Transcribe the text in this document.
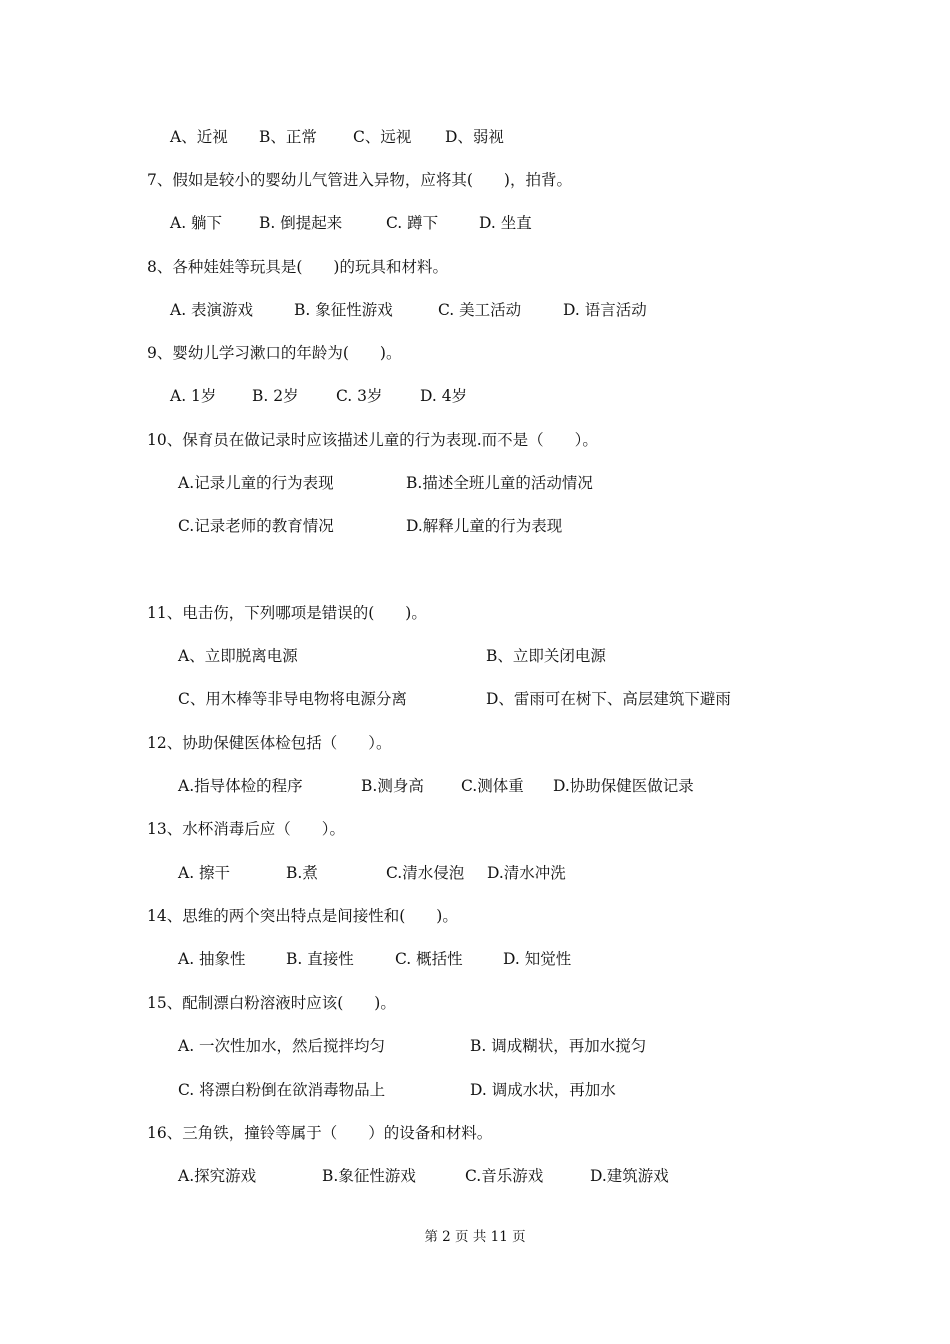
A、近视 B、正常 C、远视 D、弱视
7、假如是较小的婴幼儿气管进入异物，应将其(　　)，拍背。
A. 躺下 B. 倒提起来	C. 蹲下	D. 坐直
8、各种娃娃等玩具是(　　)的玩具和材料。
A. 表演游戏	B. 象征性游戏	C. 美工活动	D. 语言活动
9、婴幼儿学习漱口的年龄为(　　)。
A. 1岁 B. 2岁 C. 3岁 D. 4岁
10、保育员在做记录时应该描述儿童的行为表现.而不是（　　）。
A.记录儿童的行为表现	B.描述全班儿童的活动情况
C.记录老师的教育情况	D.解释儿童的行为表现
11、电击伤，下列哪项是错误的(　　)。
A、立即脱离电源	B、立即关闭电源
C、用木棒等非导电物将电源分离	D、雷雨可在树下、高层建筑下避雨
12、协助保健医体检包括（　　）。
A.指导体检的程序	B.测身高 C.测体重 D.协助保健医做记录
13、水杯消毒后应（　　）。
A. 擦干	B.煮	C.清水侵泡 D.清水冲洗
14、思维的两个突出特点是间接性和(　　)。
A. 抽象性	B. 直接性	C. 概括性	D. 知觉性
15、配制漂白粉溶液时应该(　　)。
A. 一次性加水，然后搅拌均匀	B. 调成糊状，再加水搅匀
C. 将漂白粉倒在欲消毒物品上	D. 调成水状，再加水
16、三角铁，撞铃等属于（　　）的设备和材料。
A.探究游戏	B.象征性游戏	C.音乐游戏	D.建筑游戏
第 2 页 共 11 页
